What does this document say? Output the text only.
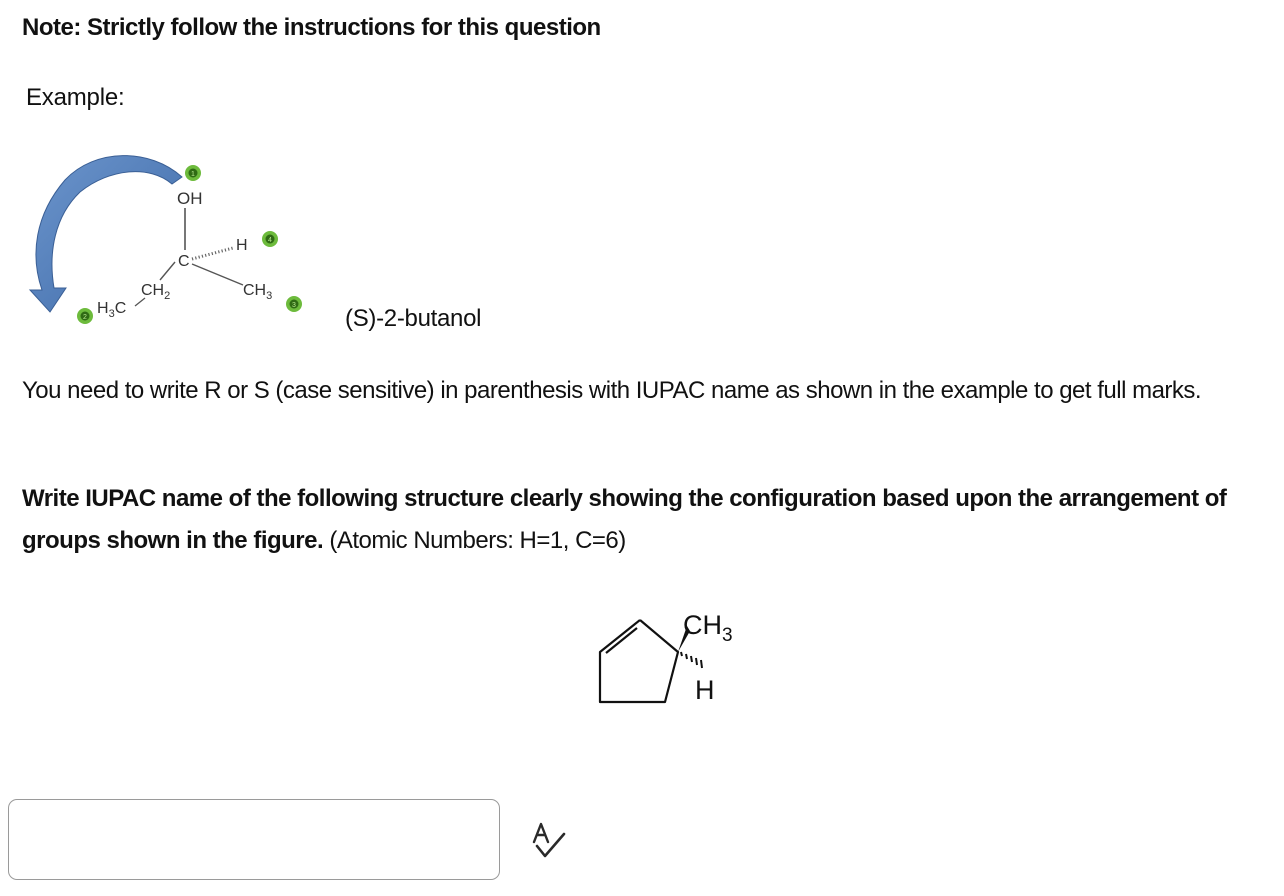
Note: Strictly follow the instructions for this question
Example:
OH
C
H
$CH_2$	$CH_3$
$H_3C$
1
4
3
2	(S)-2-butanol
You need to write R or S (case sensitive) in parenthesis with IUPAC name as shown in the example to get full marks.
Write IUPAC name of the following structure clearly showing the configuration based upon the arrangement of groups shown in the figure. (Atomic Numbers: H=1, C=6)
$CH_3$
H
